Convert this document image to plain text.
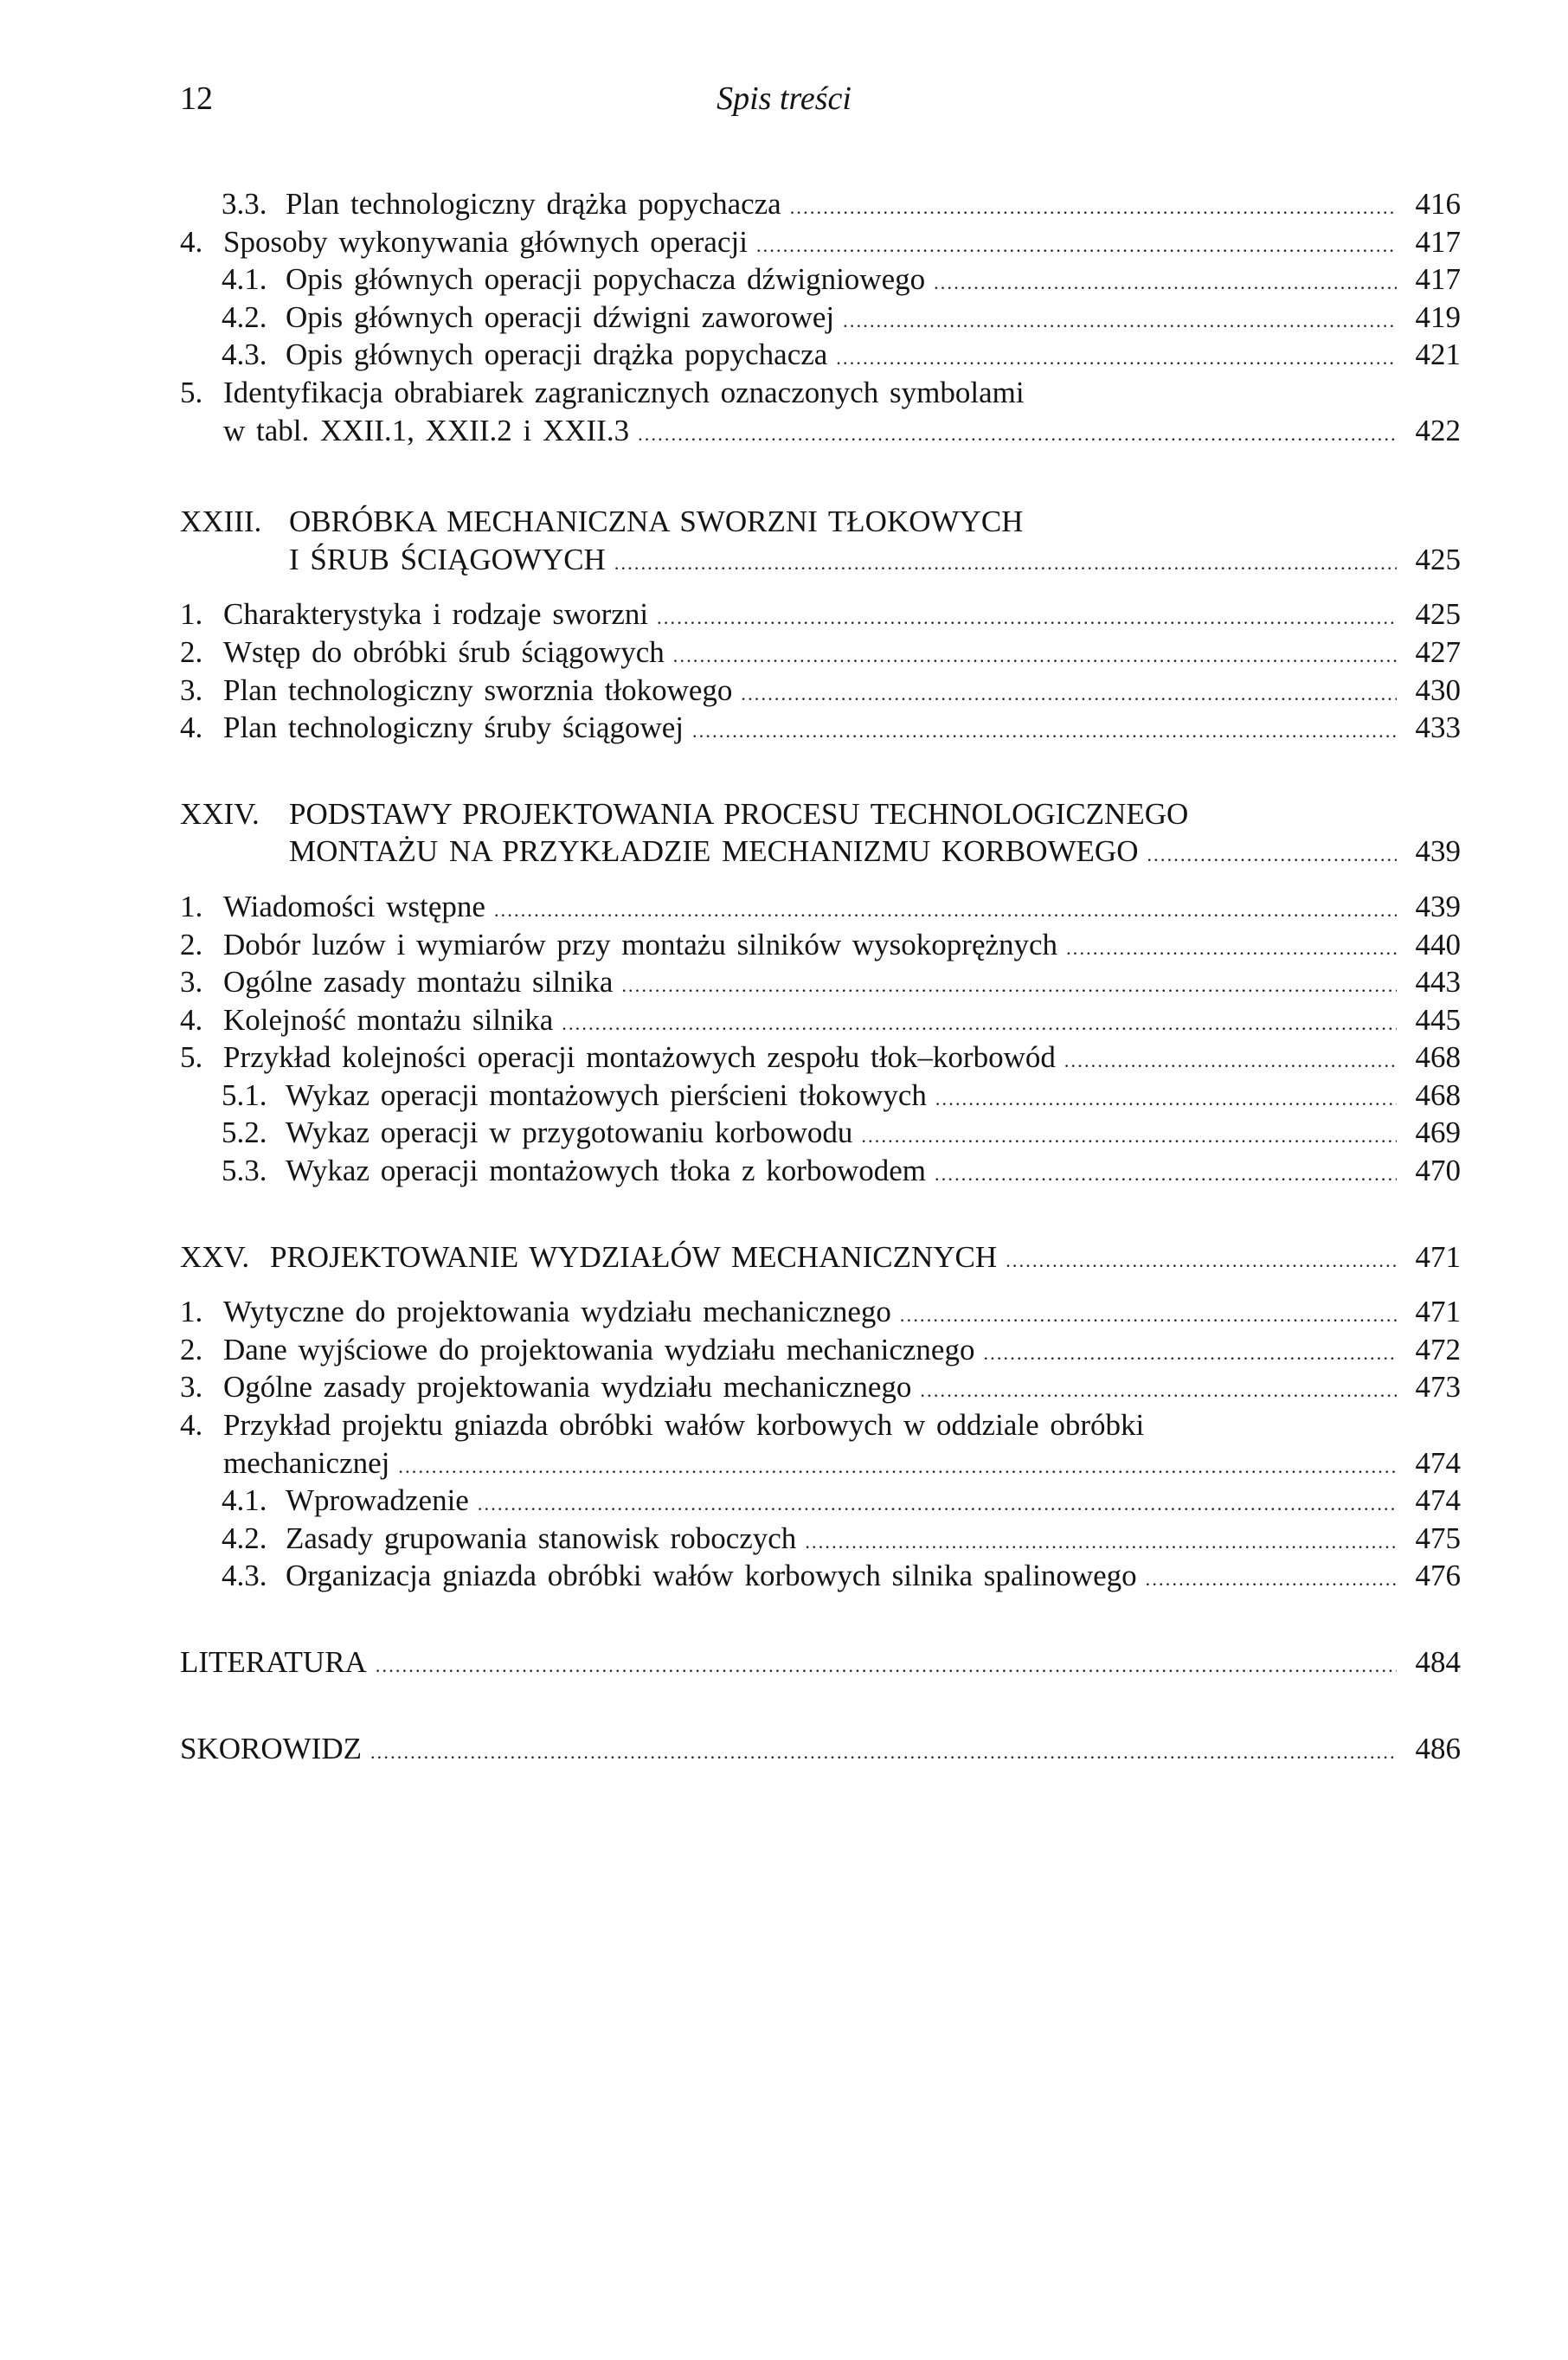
12	Spis treści
3.3. Plan technologiczny drążka popychacza .....	416
4. Sposoby wykonywania głównych operacji .....	417
4.1. Opis głównych operacji popychacza dźwigniowego .....	417
4.2. Opis głównych operacji dźwigni zaworowej .....	419
4.3. Opis głównych operacji drążka popychacza .....	421
5. Identyfikacja obrabiarek zagranicznych oznaczonych symbolami
w tabl. XXII.1, XXII.2 i XXII.3 .....	422
XXIII. OBRÓBKA MECHANICZNA SWORZNI TŁOKOWYCH
I ŚRUB ŚCIĄGOWYCH .....	425
1. Charakterystyka i rodzaje sworzni .....	425
2. Wstęp do obróbki śrub ściągowych .....	427
3. Plan technologiczny sworznia tłokowego .....	430
4. Plan technologiczny śruby ściągowej .....	433
XXIV. PODSTAWY PROJEKTOWANIA PROCESU TECHNOLOGICZNEGO
MONTAŻU NA PRZYKŁADZIE MECHANIZMU KORBOWEGO .....	439
1. Wiadomości wstępne .....	439
2. Dobór luzów i wymiarów przy montażu silników wysokoprężnych .....	440
3. Ogólne zasady montażu silnika .....	443
4. Kolejność montażu silnika .....	445
5. Przykład kolejności operacji montażowych zespołu tłok–korbowód .....	468
5.1. Wykaz operacji montażowych pierścieni tłokowych .....	468
5.2. Wykaz operacji w przygotowaniu korbowodu .....	469
5.3. Wykaz operacji montażowych tłoka z korbowodem .....	470
XXV. PROJEKTOWANIE WYDZIAŁÓW MECHANICZNYCH .....	471
1. Wytyczne do projektowania wydziału mechanicznego .....	471
2. Dane wyjściowe do projektowania wydziału mechanicznego .....	472
3. Ogólne zasady projektowania wydziału mechanicznego .....	473
4. Przykład projektu gniazda obróbki wałów korbowych w oddziale obróbki
mechanicznej .....	474
4.1. Wprowadzenie .....	474
4.2. Zasady grupowania stanowisk roboczych .....	475
4.3. Organizacja gniazda obróbki wałów korbowych silnika spalinowego .....	476
LITERATURA .....	484
SKOROWIDZ .....	486
